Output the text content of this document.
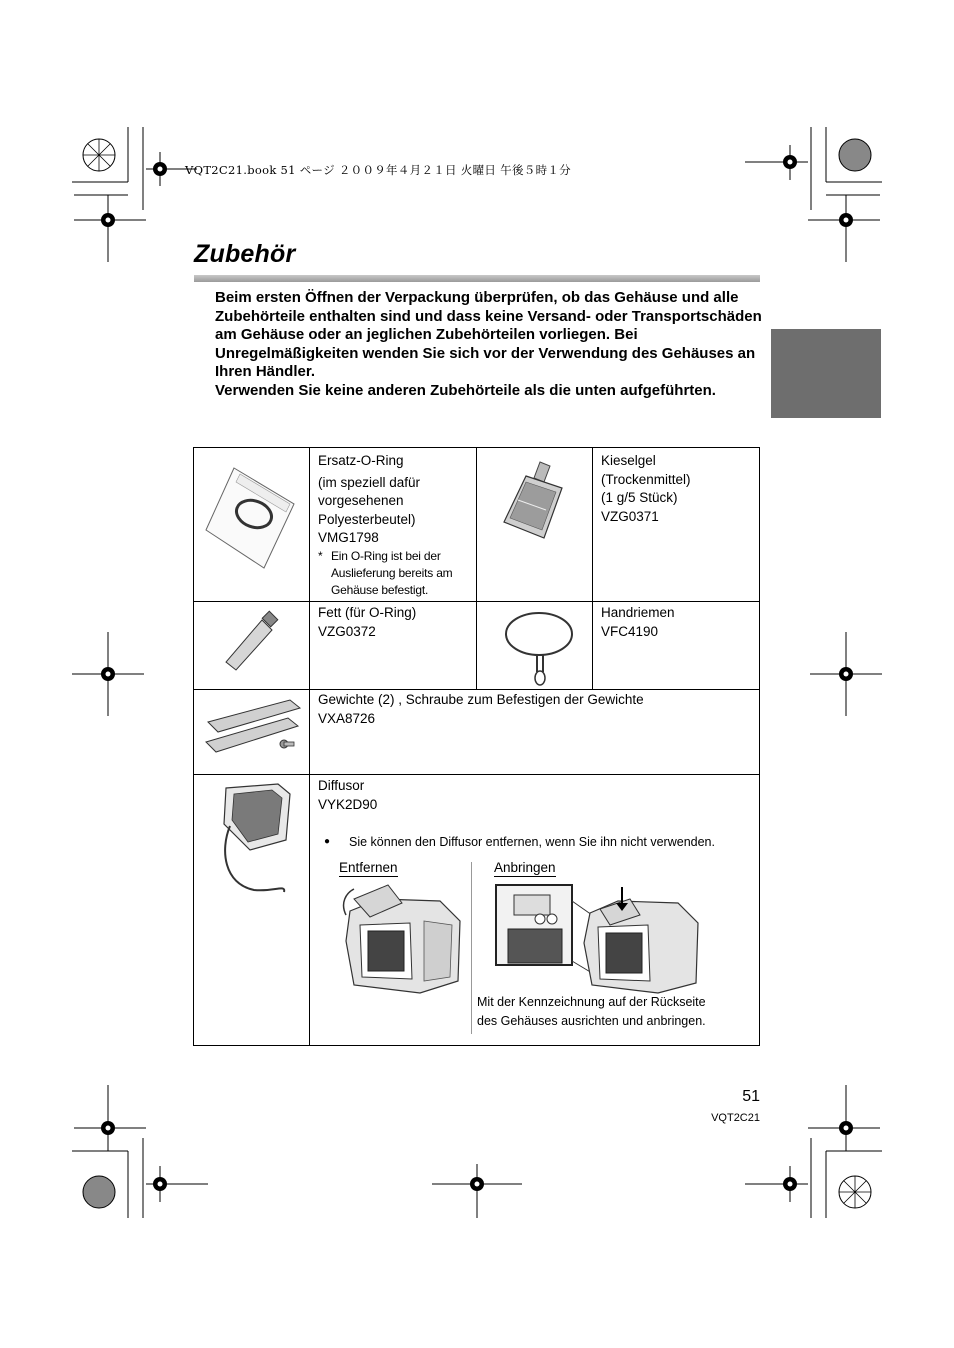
VQT2C21.book 51 ページ ２００９年４月２１日 火曜日 午後５時１分
Zubehör

Beim ersten Öffnen der Verpackung überprüfen, ob das Gehäuse und alle Zubehörteile enthalten sind und dass keine Versand- oder Transportschäden am Gehäuse oder an jeglichen Zubehörteilen vorliegen. Bei Unregelmäßigkeiten wenden Sie sich vor der Verwendung des Gehäuses an Ihren Händler.

Verwenden Sie keine anderen Zubehörteile als die unten aufgeführten.

Ersatz-O-Ring
(im speziell dafür vorgesehenen Polyesterbeutel)
VMG1798
* Ein O-Ring ist bei der Auslieferung bereits am Gehäuse befestigt.
Kieselgel
(Trockenmittel)
(1 g/5 Stück)
VZG0371
Fett (für O-Ring)
VZG0372
Handriemen
VFC4190
Gewichte (2) , Schraube zum Befestigen der Gewichte
VXA8726
Diffusor
VYK2D90
●	Sie können den Diffusor entfernen, wenn Sie ihn nicht verwenden.
Entfernen	Anbringen
Mit der Kennzeichnung auf der Rückseite
des Gehäuses ausrichten und anbringen.
51
VQT2C21
